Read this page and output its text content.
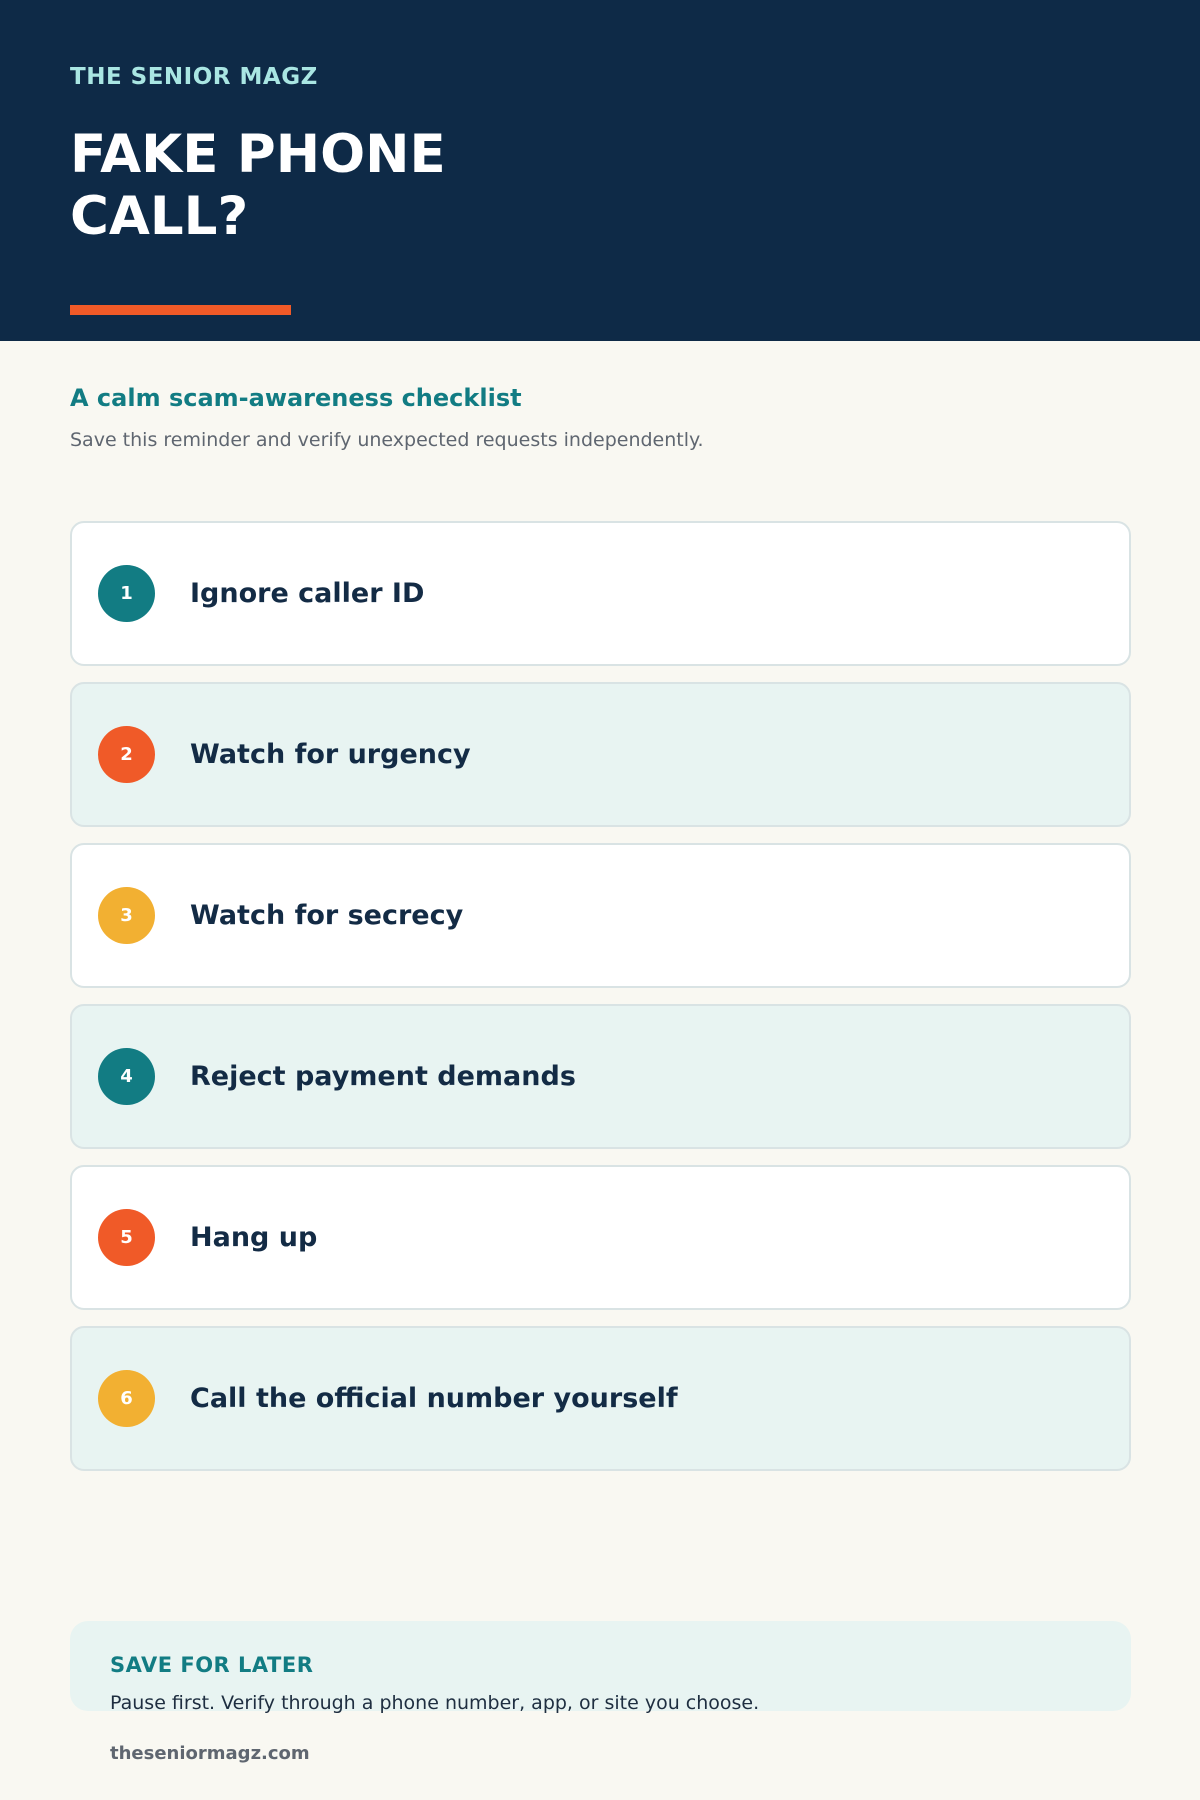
THE SENIOR MAGZ
FAKE PHONE CALL?
A calm scam-awareness checklist
Save this reminder and verify unexpected requests independently.
1	Ignore caller ID
2	Watch for urgency
3	Watch for secrecy
4	Reject payment demands
5	Hang up
6	Call the official number yourself
SAVE FOR LATER
Pause first. Verify through a phone number, app, or site you choose.
theseniormagz.com
